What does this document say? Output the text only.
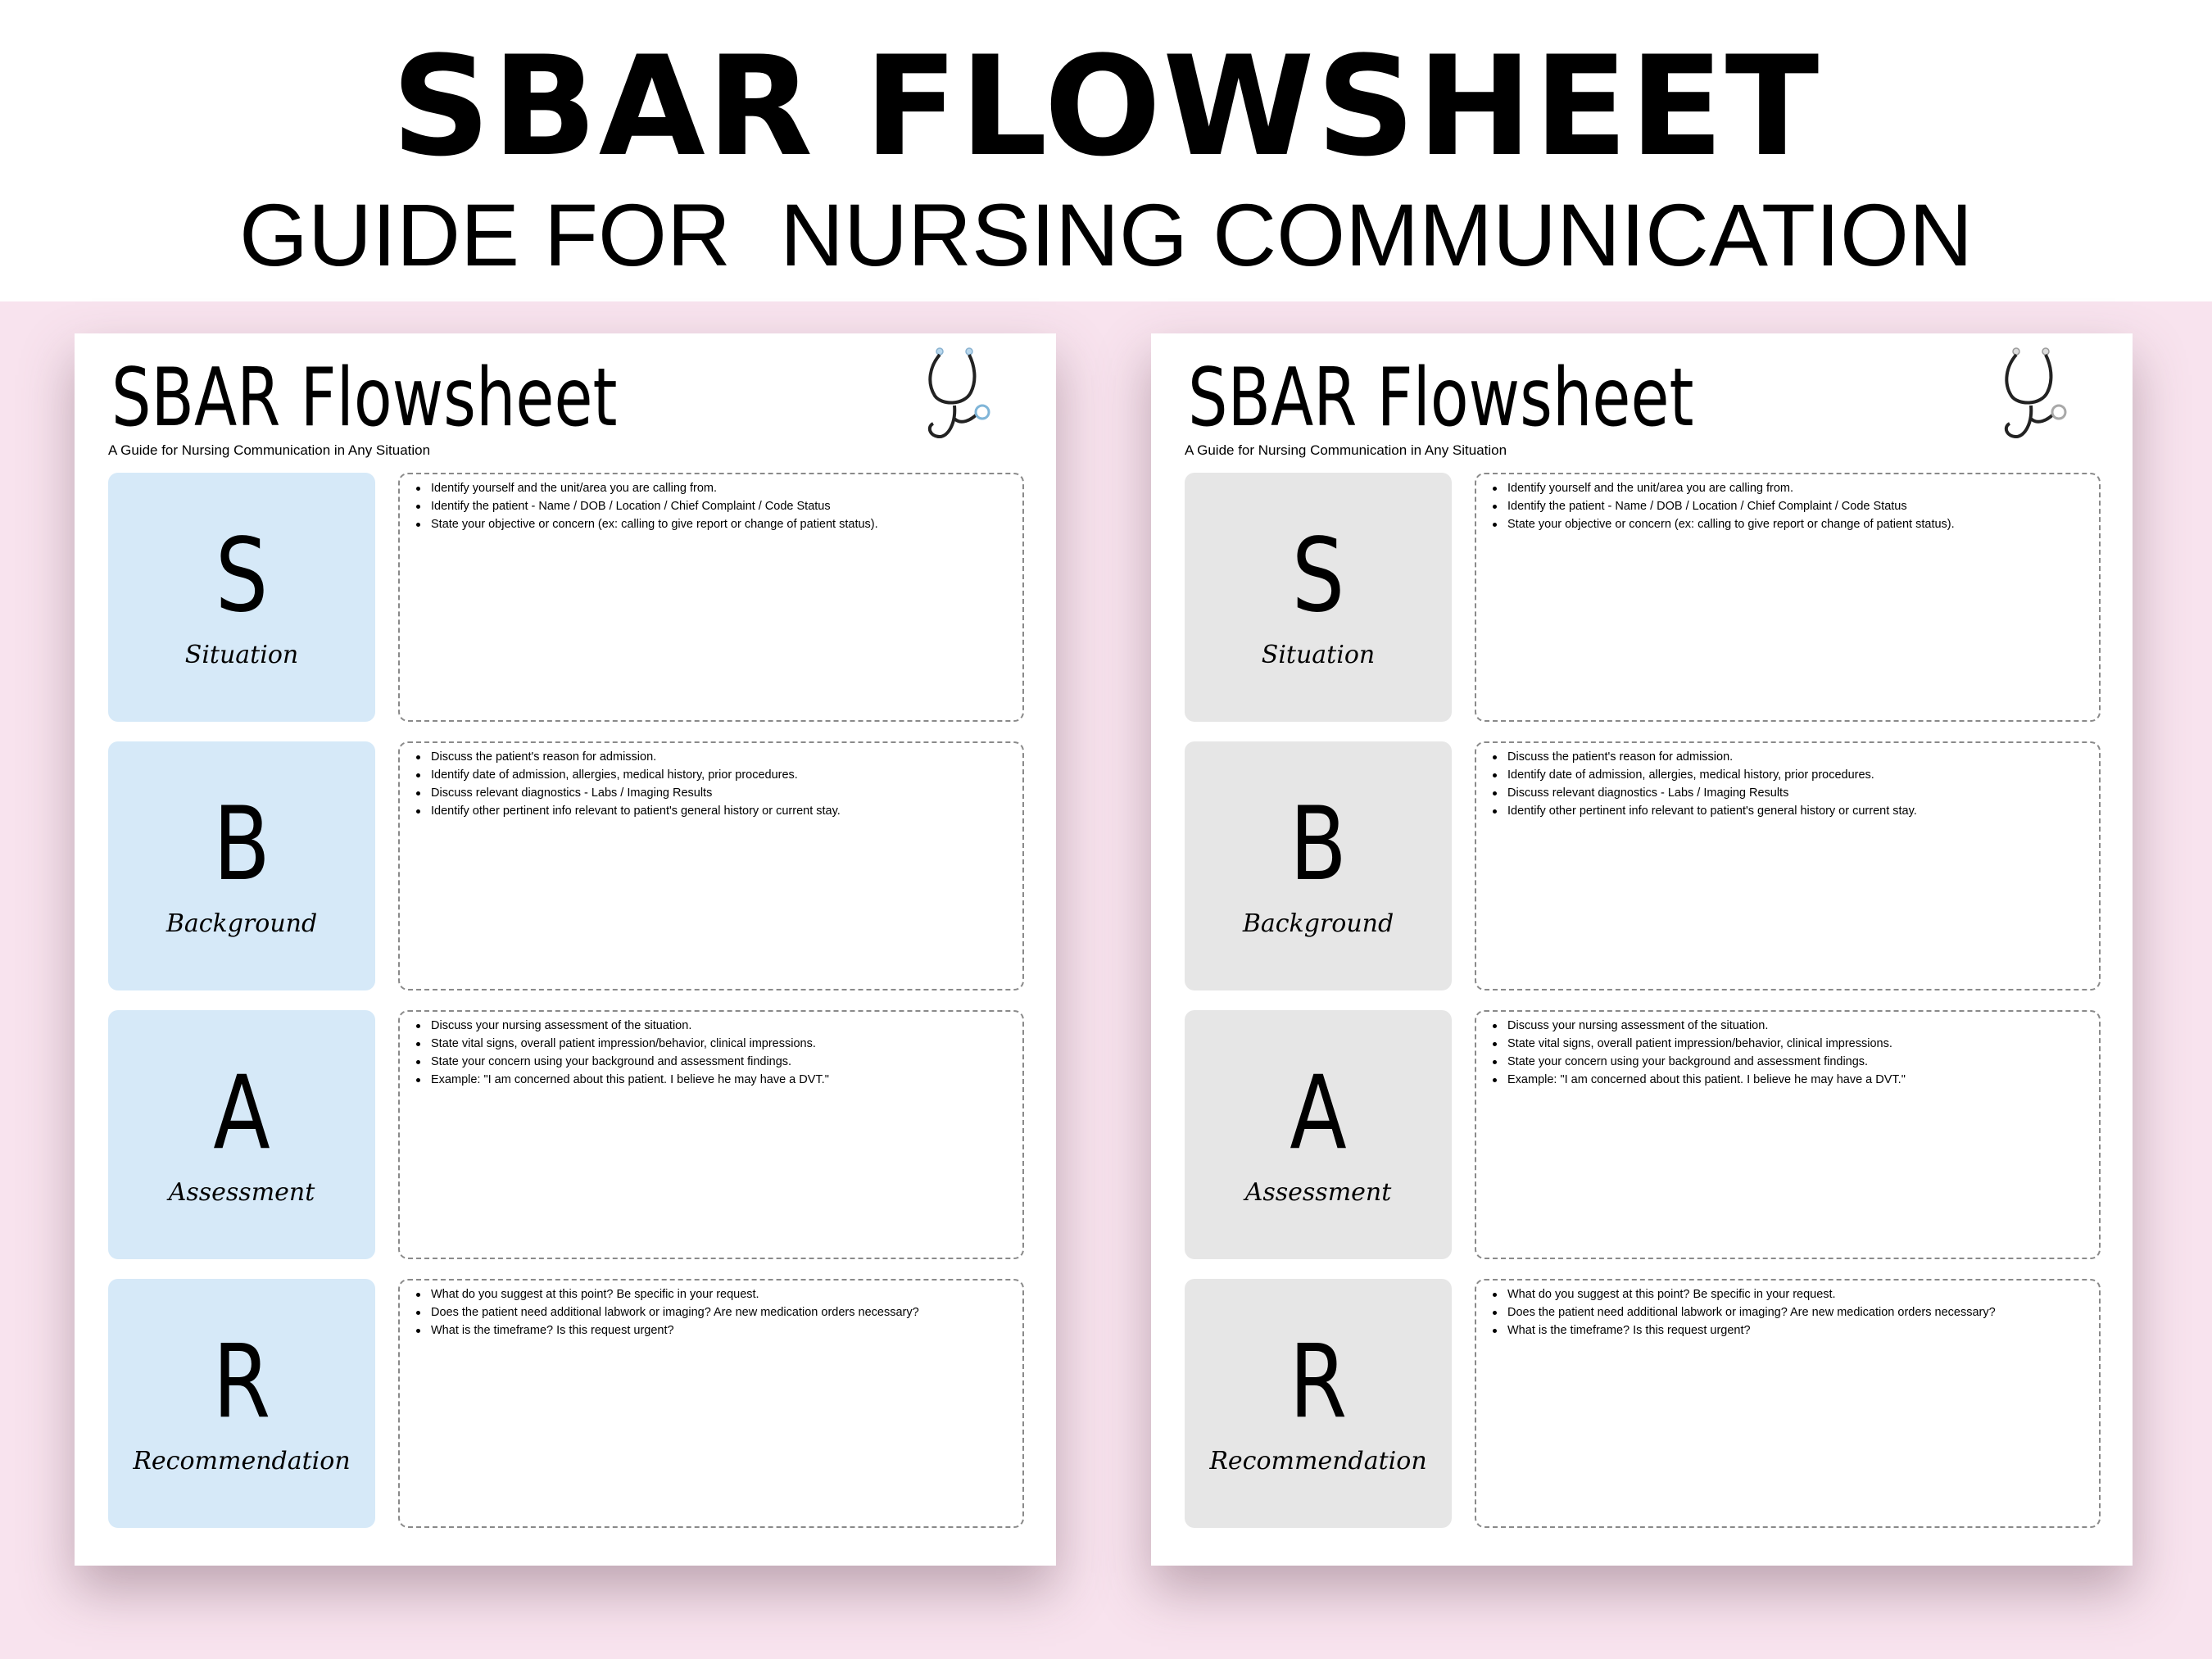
SBAR FLOWSHEET
GUIDE FOR  NURSING COMMUNICATION
SBAR Flowsheet
A Guide for Nursing Communication in Any Situation
S
Situation
Identify yourself and the unit/area you are calling from.
Identify the patient - Name / DOB / Location / Chief Complaint / Code Status
State your objective or concern (ex: calling to give report or change of patient status).
B
Background
Discuss the patient's reason for admission.
Identify date of admission, allergies, medical history, prior procedures.
Discuss relevant diagnostics - Labs / Imaging Results
Identify other pertinent info relevant to patient's general history or current stay.
A
Assessment
Discuss your nursing assessment of the situation.
State vital signs, overall patient impression/behavior, clinical impressions.
State your concern using your background and assessment findings.
Example: "I am concerned about this patient. I believe he may have a DVT."
R
Recommendation
What do you suggest at this point? Be specific in your request.
Does the patient need additional labwork or imaging? Are new medication orders necessary?
What is the timeframe? Is this request urgent?
SBAR Flowsheet
A Guide for Nursing Communication in Any Situation
S
Situation
Identify yourself and the unit/area you are calling from.
Identify the patient - Name / DOB / Location / Chief Complaint / Code Status
State your objective or concern (ex: calling to give report or change of patient status).
B
Background
Discuss the patient's reason for admission.
Identify date of admission, allergies, medical history, prior procedures.
Discuss relevant diagnostics - Labs / Imaging Results
Identify other pertinent info relevant to patient's general history or current stay.
A
Assessment
Discuss your nursing assessment of the situation.
State vital signs, overall patient impression/behavior, clinical impressions.
State your concern using your background and assessment findings.
Example: "I am concerned about this patient. I believe he may have a DVT."
R
Recommendation
What do you suggest at this point? Be specific in your request.
Does the patient need additional labwork or imaging? Are new medication orders necessary?
What is the timeframe? Is this request urgent?
